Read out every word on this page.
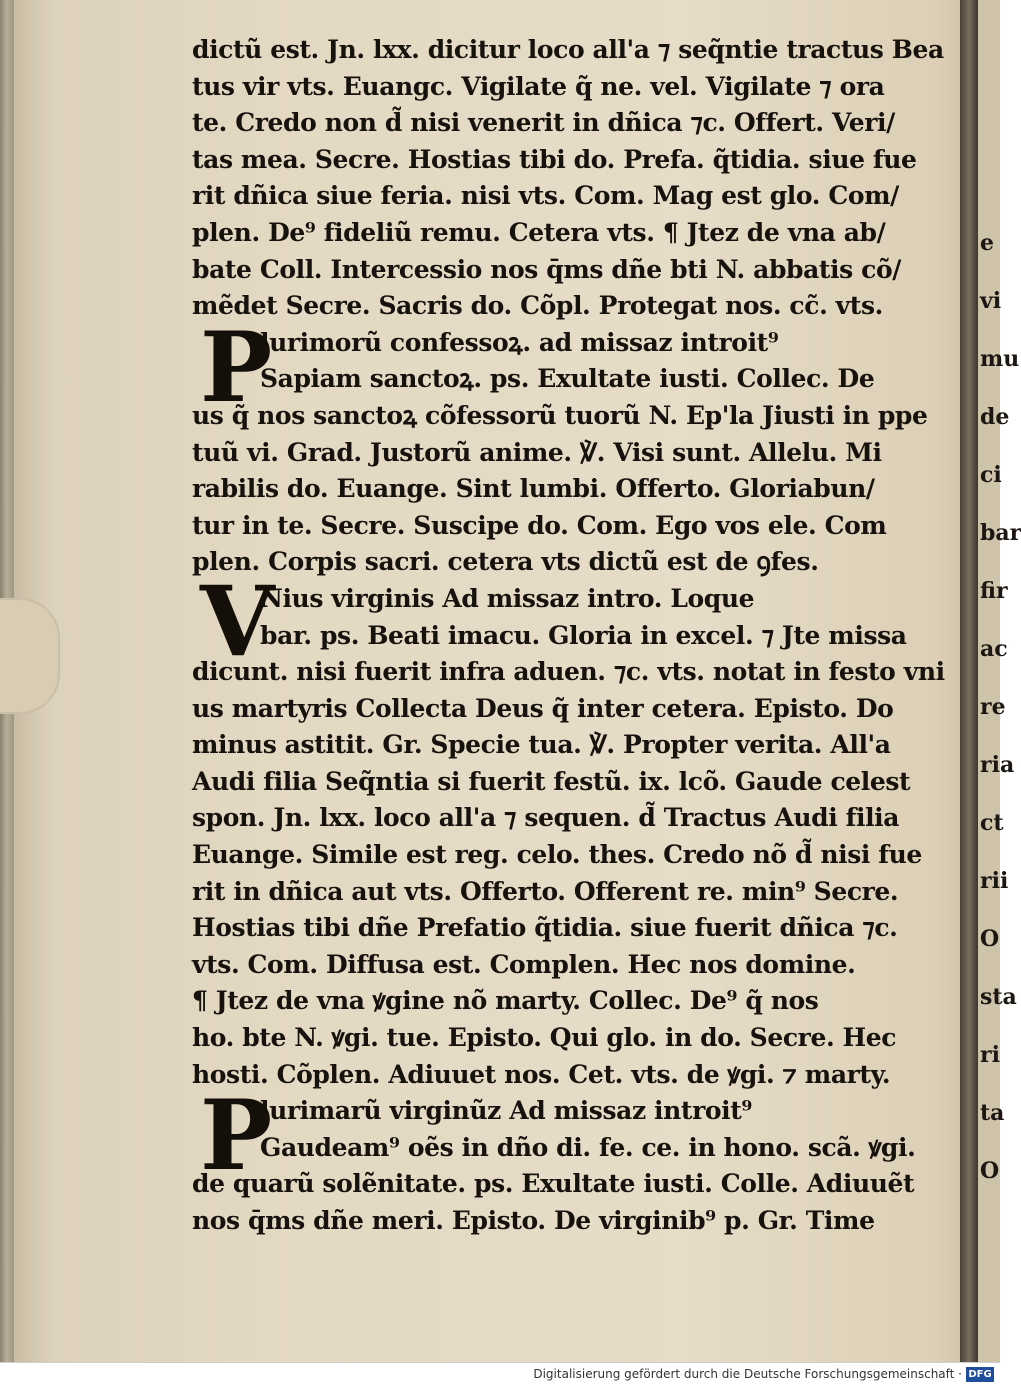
dictũ est. Jn. lxx. dicitur loco all'a ⁊ seq̃ntie tractus Bea
tus vir vts. Euangc. Vigilate q̃ ne. vel. Vigilate ⁊ ora
te. Credo non d̃ nisi venerit in dñica ⁊c. Offert. Veri/
tas mea. Secre. Hostias tibi do. Prefa. q̃tidia. siue fue
rit dñica siue feria. nisi vts. Com. Mag est glo. Com/
plen. De⁹ fideliũ remu. Cetera vts. ¶ Jtez de vna ab/
bate Coll. Intercessio nos q̄ms dñe bti N. abbatis cõ/
mẽdet Secre. Sacris do. Cõpl. Protegat nos. cc̃. vts.
P
lurimorũ confessoꝝ. ad missaz introit⁹
Sapiam sanctoꝝ. ps. Exultate iusti. Collec. De
us q̃ nos sanctoꝝ cõfessorũ tuorũ N. Ep'la Jiusti in ppe
tuũ vi. Grad. Justorũ anime. ℣. Visi sunt. Allelu. Mi
rabilis do. Euange. Sint lumbi. Offerto. Gloriabun/
tur in te. Secre. Suscipe do. Com. Ego vos ele. Com
plen. Corpis sacri. cetera vts dictũ est de ꝯfes.
V
Nius virginis Ad missaz intro. Loque
bar. ps. Beati imacu. Gloria in excel. ⁊ Jte missa
dicunt. nisi fuerit infra aduen. ⁊c. vts. notat in festo vni
us martyris Collecta Deus q̃ inter cetera. Episto. Do
minus astitit. Gr. Specie tua. ℣. Propter verita. All'a
Audi filia Seq̃ntia si fuerit festũ. ix. lcõ. Gaude celest
spon. Jn. lxx. loco all'a ⁊ sequen. d̃ Tractus Audi filia
Euange. Simile est reg. celo. thes. Credo nõ d̃ nisi fue
rit in dñica aut vts. Offerto. Offerent re. min⁹ Secre.
Hostias tibi dñe Prefatio q̃tidia. siue fuerit dñica ⁊c.
vts. Com. Diffusa est. Complen. Hec nos domine.
¶ Jtez de vna ꝟgine nõ marty. Collec. De⁹ q̃ nos
ho. bte N. ꝟgi. tue. Episto. Qui glo. in do. Secre. Hec
hosti. Cõplen. Adiuuet nos. Cet. vts. de ꝟgi. ⁊ marty.
P
lurimarũ virginũz Ad missaz introit⁹
Gaudeam⁹ oẽs in dño di. fe. ce. in hono. scã. ꝟgi.
de quarũ solẽnitate. ps. Exultate iusti. Colle. Adiuuẽt
nos q̄ms dñe meri. Episto. De virginib⁹ p. Gr. Time
e
vi
mu
de
ci
bar
fir
ac
re
ria
ct
rii
O
sta
ri
ta
O
Digitalisierung gefördert durch die Deutsche Forschungsgemeinschaft · DFG
